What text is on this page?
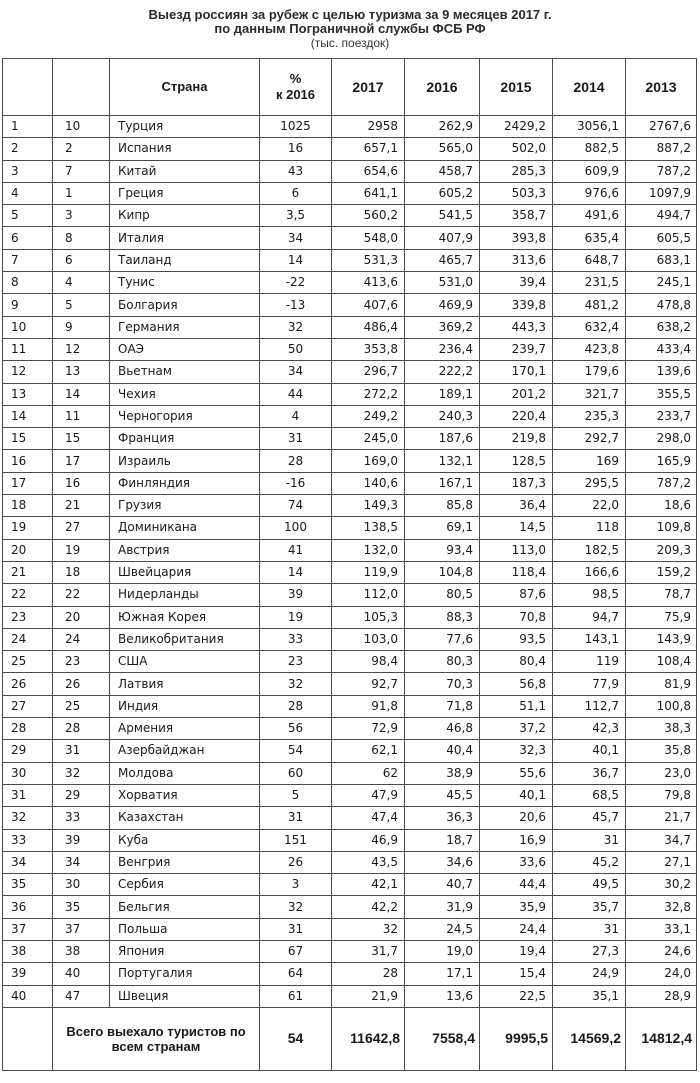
Выезд россиян за рубеж с целью туризма за 9 месяцев 2017 г.
по данным Пограничной службы ФСБ РФ
(тыс. поездок)
		Страна	%
к 2016	2017	2016	2015	2014	2013
1	10	Турция	1025	2958	262,9	2429,2	3056,1	2767,6
2	2	Испания	16	657,1	565,0	502,0	882,5	887,2
3	7	Китай	43	654,6	458,7	285,3	609,9	787,2
4	1	Греция	6	641,1	605,2	503,3	976,6	1097,9
5	3	Кипр	3,5	560,2	541,5	358,7	491,6	494,7
6	8	Италия	34	548,0	407,9	393,8	635,4	605,5
7	6	Таиланд	14	531,3	465,7	313,6	648,7	683,1
8	4	Тунис	-22	413,6	531,0	39,4	231,5	245,1
9	5	Болгария	-13	407,6	469,9	339,8	481,2	478,8
10	9	Германия	32	486,4	369,2	443,3	632,4	638,2
11	12	ОАЭ	50	353,8	236,4	239,7	423,8	433,4
12	13	Вьетнам	34	296,7	222,2	170,1	179,6	139,6
13	14	Чехия	44	272,2	189,1	201,2	321,7	355,5
14	11	Черногория	4	249,2	240,3	220,4	235,3	233,7
15	15	Франция	31	245,0	187,6	219,8	292,7	298,0
16	17	Израиль	28	169,0	132,1	128,5	169	165,9
17	16	Финляндия	-16	140,6	167,1	187,3	295,5	787,2
18	21	Грузия	74	149,3	85,8	36,4	22,0	18,6
19	27	Доминикана	100	138,5	69,1	14,5	118	109,8
20	19	Австрия	41	132,0	93,4	113,0	182,5	209,3
21	18	Швейцария	14	119,9	104,8	118,4	166,6	159,2
22	22	Нидерланды	39	112,0	80,5	87,6	98,5	78,7
23	20	Южная Корея	19	105,3	88,3	70,8	94,7	75,9
24	24	Великобритания	33	103,0	77,6	93,5	143,1	143,9
25	23	США	23	98,4	80,3	80,4	119	108,4
26	26	Латвия	32	92,7	70,3	56,8	77,9	81,9
27	25	Индия	28	91,8	71,8	51,1	112,7	100,8
28	28	Армения	56	72,9	46,8	37,2	42,3	38,3
29	31	Азербайджан	54	62,1	40,4	32,3	40,1	35,8
30	32	Молдова	60	62	38,9	55,6	36,7	23,0
31	29	Хорватия	5	47,9	45,5	40,1	68,5	79,8
32	33	Казахстан	31	47,4	36,3	20,6	45,7	21,7
33	39	Куба	151	46,9	18,7	16,9	31	34,7
34	34	Венгрия	26	43,5	34,6	33,6	45,2	27,1
35	30	Сербия	3	42,1	40,7	44,4	49,5	30,2
36	35	Бельгия	32	42,2	31,9	35,9	35,7	32,8
37	37	Польша	31	32	24,5	24,4	31	33,1
38	38	Япония	67	31,7	19,0	19,4	27,3	24,6
39	40	Португалия	64	28	17,1	15,4	24,9	24,0
40	47	Швеция	61	21,9	13,6	22,5	35,1	28,9
	Всего выехало туристов по всем странам		54	11642,8	7558,4	9995,5	14569,2	14812,4
